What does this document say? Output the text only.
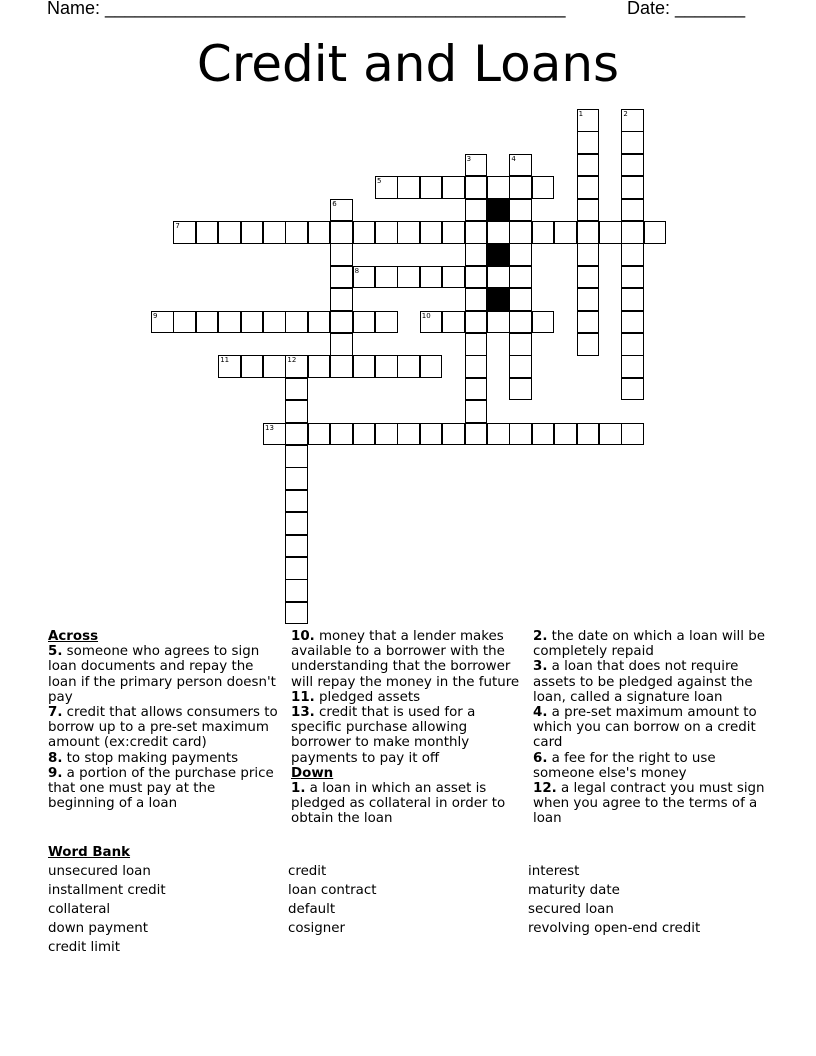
Name: ______________________________________________	Date: _______
Credit and Loans
1	2
3	4
5
6
7
8
9	10
11	12
13

Across

5. someone who agrees to sign loan documents and repay the loan if the primary person doesn't pay

7. credit that allows consumers to borrow up to a pre-set maximum amount (ex:credit card)

8. to stop making payments

9. a portion of the purchase price that one must pay at the beginning of a loan

10. money that a lender makes available to a borrower with the understanding that the borrower will repay the money in the future

11. pledged assets

13. credit that is used for a specific purchase allowing borrower to make monthly payments to pay it off

Down

1. a loan in which an asset is pledged as collateral in order to obtain the loan

2. the date on which a loan will be completely repaid

3. a loan that does not require assets to be pledged against the loan, called a signature loan

4. a pre-set maximum amount to which you can borrow on a credit card

6. a fee for the right to use someone else's money

12. a legal contract you must sign when you agree to the terms of a loan

Word Bank
unsecured loan
installment credit
collateral
down payment
credit limit
credit
loan contract
default
cosigner
interest
maturity date
secured loan
revolving open-end credit
